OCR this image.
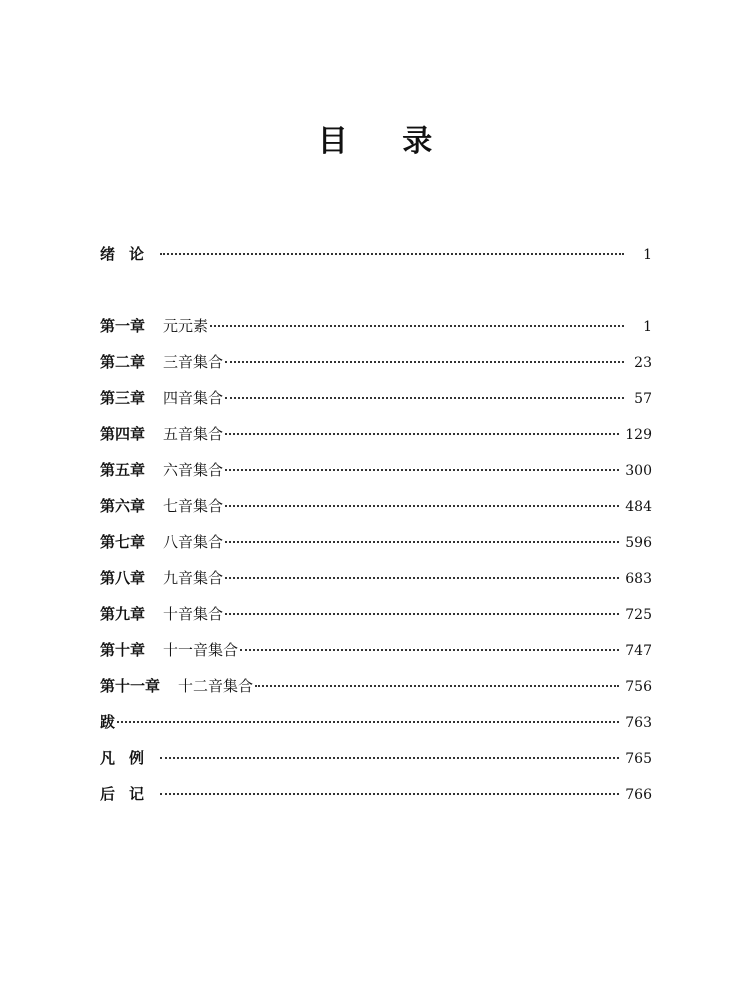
目 录
绪论	1
第一章 元元素	1
第二章 三音集合	23
第三章 四音集合	57
第四章 五音集合	129
第五章 六音集合	300
第六章 七音集合	484
第七章 八音集合	596
第八章 九音集合	683
第九章 十音集合	725
第十章 十一音集合	747
第十一章 十二音集合	756
跋	763
凡例	765
后记	766
